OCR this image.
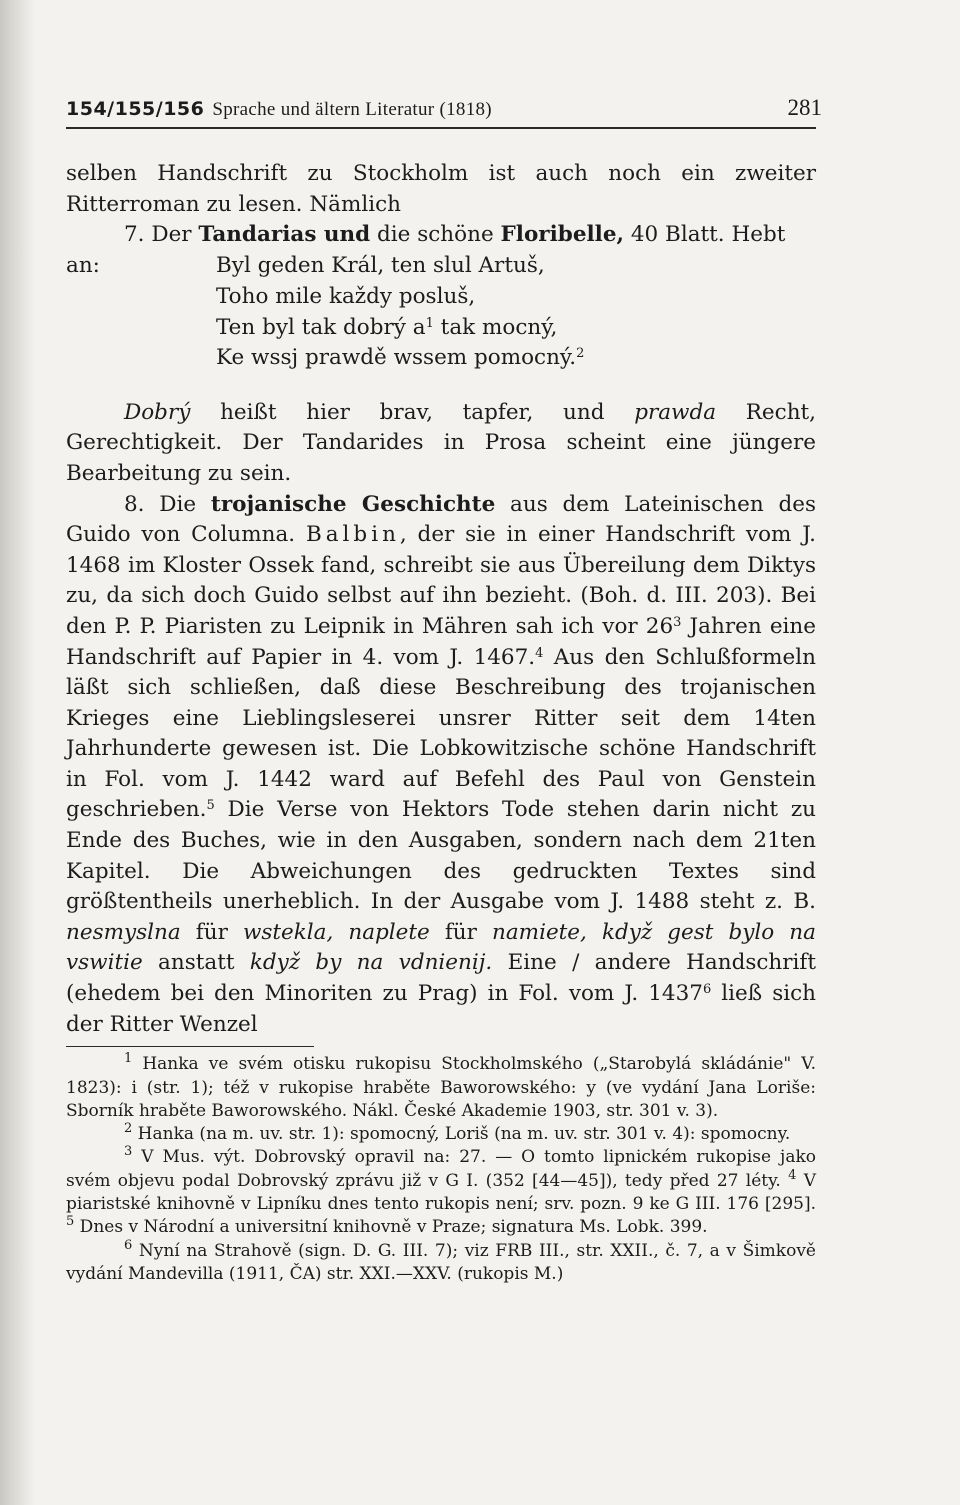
154/155/156 Sprache und ältern Literatur (1818)	281

selben Handschrift zu Stockholm ist auch noch ein zweiter Ritterroman zu lesen. Nämlich

7. Der Tandarias und die schöne Floribelle, 40 Blatt. Hebt

an:	Byl geden Král, ten slul Artuš,
Toho mile každy posluš,
Ten byl tak dobrý $a^1$ tak mocný,
Ke wssj prawdě wssem pomocný.$^2$

Dobrý heißt hier brav, tapfer, und prawda Recht, Gerechtigkeit. Der Tandarides in Prosa scheint eine jüngere Bearbeitung zu sein.

8. Die trojanische Geschichte aus dem Lateinischen des Guido von Columna. Balbin, der sie in einer Handschrift vom J. 1468 im Kloster Ossek fand, schreibt sie aus Übereilung dem Diktys zu, da sich doch Guido selbst auf ihn bezieht. (Boh. d. III. 203). Bei den P. P. Piaristen zu Leipnik in Mähren sah ich vor $26^3$ Jahren eine Handschrift auf Papier in 4. vom J. 1467.$^4$ Aus den Schlußformeln läßt sich schließen, daß diese Beschreibung des trojanischen Krieges eine Lieblingsleserei unsrer Ritter seit dem 14ten Jahrhunderte gewesen ist. Die Lobkowitzische schöne Handschrift in Fol. vom J. 1442 ward auf Befehl des Paul von Genstein geschrieben.$^5$ Die Verse von Hektors Tode stehen darin nicht zu Ende des Buches, wie in den Ausgaben, sondern nach dem 21ten Kapitel. Die Abweichungen des gedruckten Textes sind größtentheils unerheblich. In der Ausgabe vom J. 1488 steht z. B. nesmyslna für wstekla, naplete für namiete, když gest bylo na vswitie anstatt když by na vdnienij. Eine / andere Handschrift (ehedem bei den Minoriten zu Prag) in Fol. vom J. 1437$^6$ ließ sich der Ritter Wenzel

$^1$ Hanka ve svém otisku rukopisu Stockholmského („Starobylá skládánie" V. 1823): i (str. 1); též v rukopise hraběte Baworowského: y (ve vydání Jana Loriše: Sborník hraběte Baworowského. Nákl. České Akademie 1903, str. 301 v. 3).

$^2$ Hanka (na m. uv. str. 1): spomocný, Loriš (na m. uv. str. 301 v. 4): spomocny.

$^3$ V Mus. výt. Dobrovský opravil na: 27. — O tomto lipnickém rukopise jako svém objevu podal Dobrovský zprávu již v G I. (352 [44—45]), tedy před 27 léty. $^4$ V piaristské knihovně v Lipníku dnes tento rukopis není; srv. pozn. 9 ke G III. 176 [295]. $^5$ Dnes v Národní a universitní knihovně v Praze; signatura Ms. Lobk. 399.

$^6$ Nyní na Strahově (sign. D. G. III. 7); viz FRB III., str. XXII., č. 7, a v Šimkově vydání Mandevilla (1911, ČA) str. XXI.—XXV. (rukopis M.)
